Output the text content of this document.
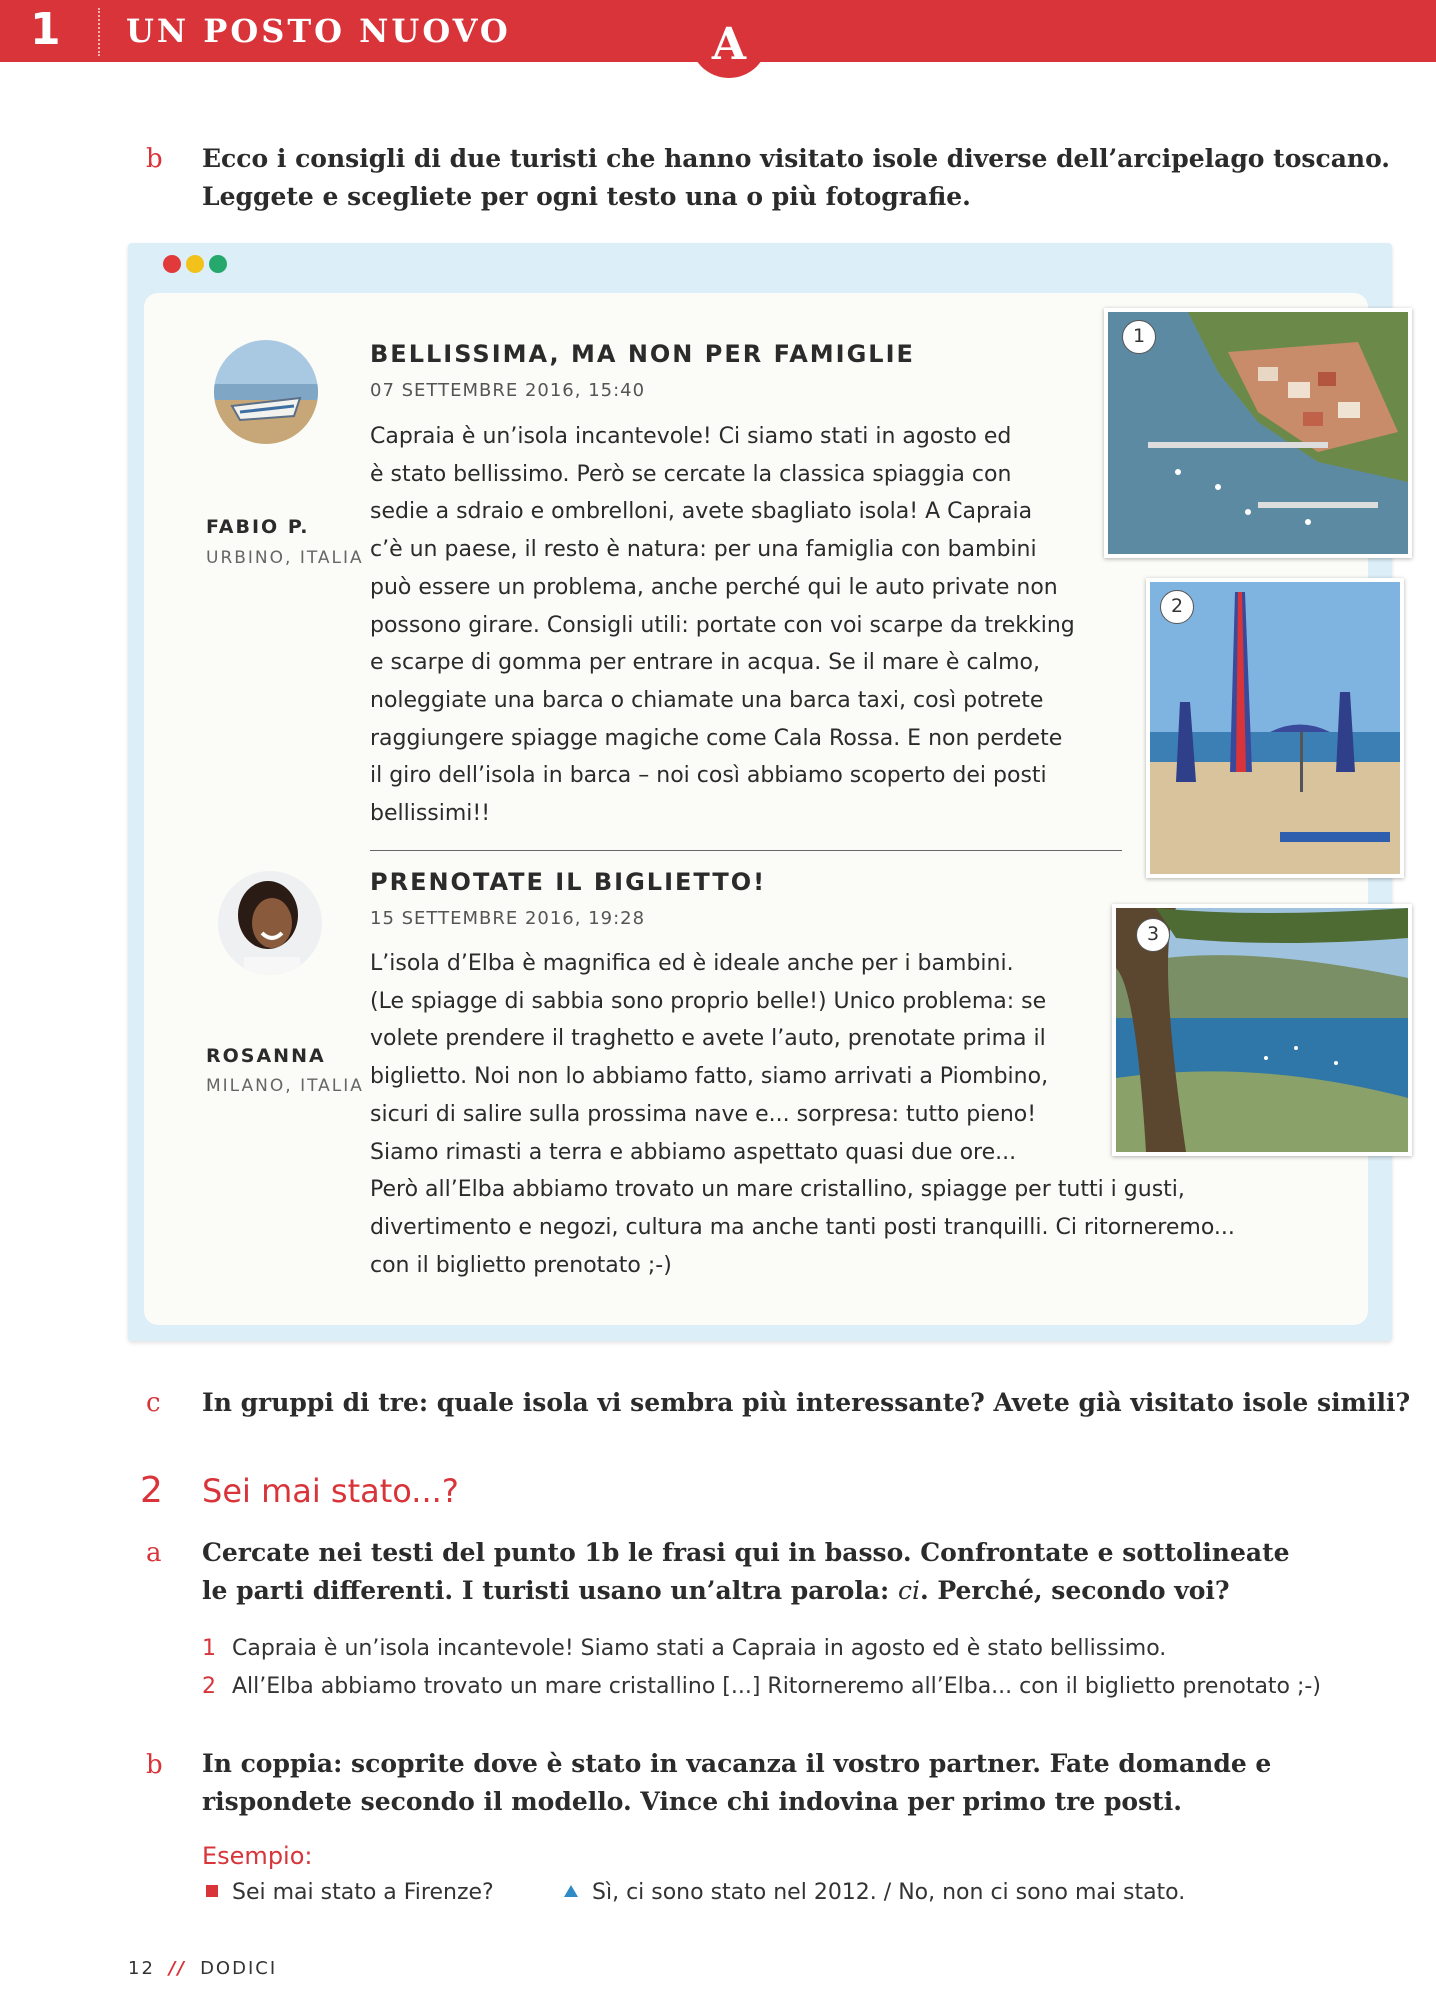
1 UN POSTO NUOVO	A
b Ecco i consigli di due turisti che hanno visitato isole diverse dell’arcipelago toscano.
Leggete e scegliete per ogni testo una o più fotografie.
FABIO P.
URBINO, ITALIA
BELLISSIMA, MA NON PER FAMIGLIE
07 SETTEMBRE 2016, 15:40
Capraia è un’isola incantevole! Ci siamo stati in agosto ed
è stato bellissimo. Però se cercate la classica spiaggia con
sedie a sdraio e ombrelloni, avete sbagliato isola! A Capraia
c’è un paese, il resto è natura: per una famiglia con bambini
può essere un problema, anche perché qui le auto private non
possono girare. Consigli utili: portate con voi scarpe da trekking
e scarpe di gomma per entrare in acqua. Se il mare è calmo,
noleggiate una barca o chiamate una barca taxi, così potrete
raggiungere spiagge magiche come Cala Rossa. E non perdete
il giro dell’isola in barca – noi così abbiamo scoperto dei posti
bellissimi!!
ROSANNA
MILANO, ITALIA
PRENOTATE IL BIGLIETTO!
15 SETTEMBRE 2016, 19:28
L’isola d’Elba è magnifica ed è ideale anche per i bambini.
(Le spiagge di sabbia sono proprio belle!) Unico problema: se
volete prendere il traghetto e avete l’auto, prenotate prima il
biglietto. Noi non lo abbiamo fatto, siamo arrivati a Piombino,
sicuri di salire sulla prossima nave e... sorpresa: tutto pieno!
Siamo rimasti a terra e abbiamo aspettato quasi due ore...
Però all’Elba abbiamo trovato un mare cristallino, spiagge per tutti i gusti,
divertimento e negozi, cultura ma anche tanti posti tranquilli. Ci ritorneremo...
con il biglietto prenotato ;-)
1
2
3
c In gruppi di tre: quale isola vi sembra più interessante? Avete già visitato isole simili?
2 Sei mai stato...?
a Cercate nei testi del punto 1b le frasi qui in basso. Confrontate e sottolineate
le parti differenti. I turisti usano un’altra parola: ci. Perché, secondo voi?
1 Capraia è un’isola incantevole! Siamo stati a Capraia in agosto ed è stato bellissimo.
2 All’Elba abbiamo trovato un mare cristallino [...] Ritorneremo all’Elba... con il biglietto prenotato ;-)
b In coppia: scoprite dove è stato in vacanza il vostro partner. Fate domande e
rispondete secondo il modello. Vince chi indovina per primo tre posti.
Esempio:
Sei mai stato a Firenze?	Sì, ci sono stato nel 2012. / No, non ci sono mai stato.
12 // DODICI
